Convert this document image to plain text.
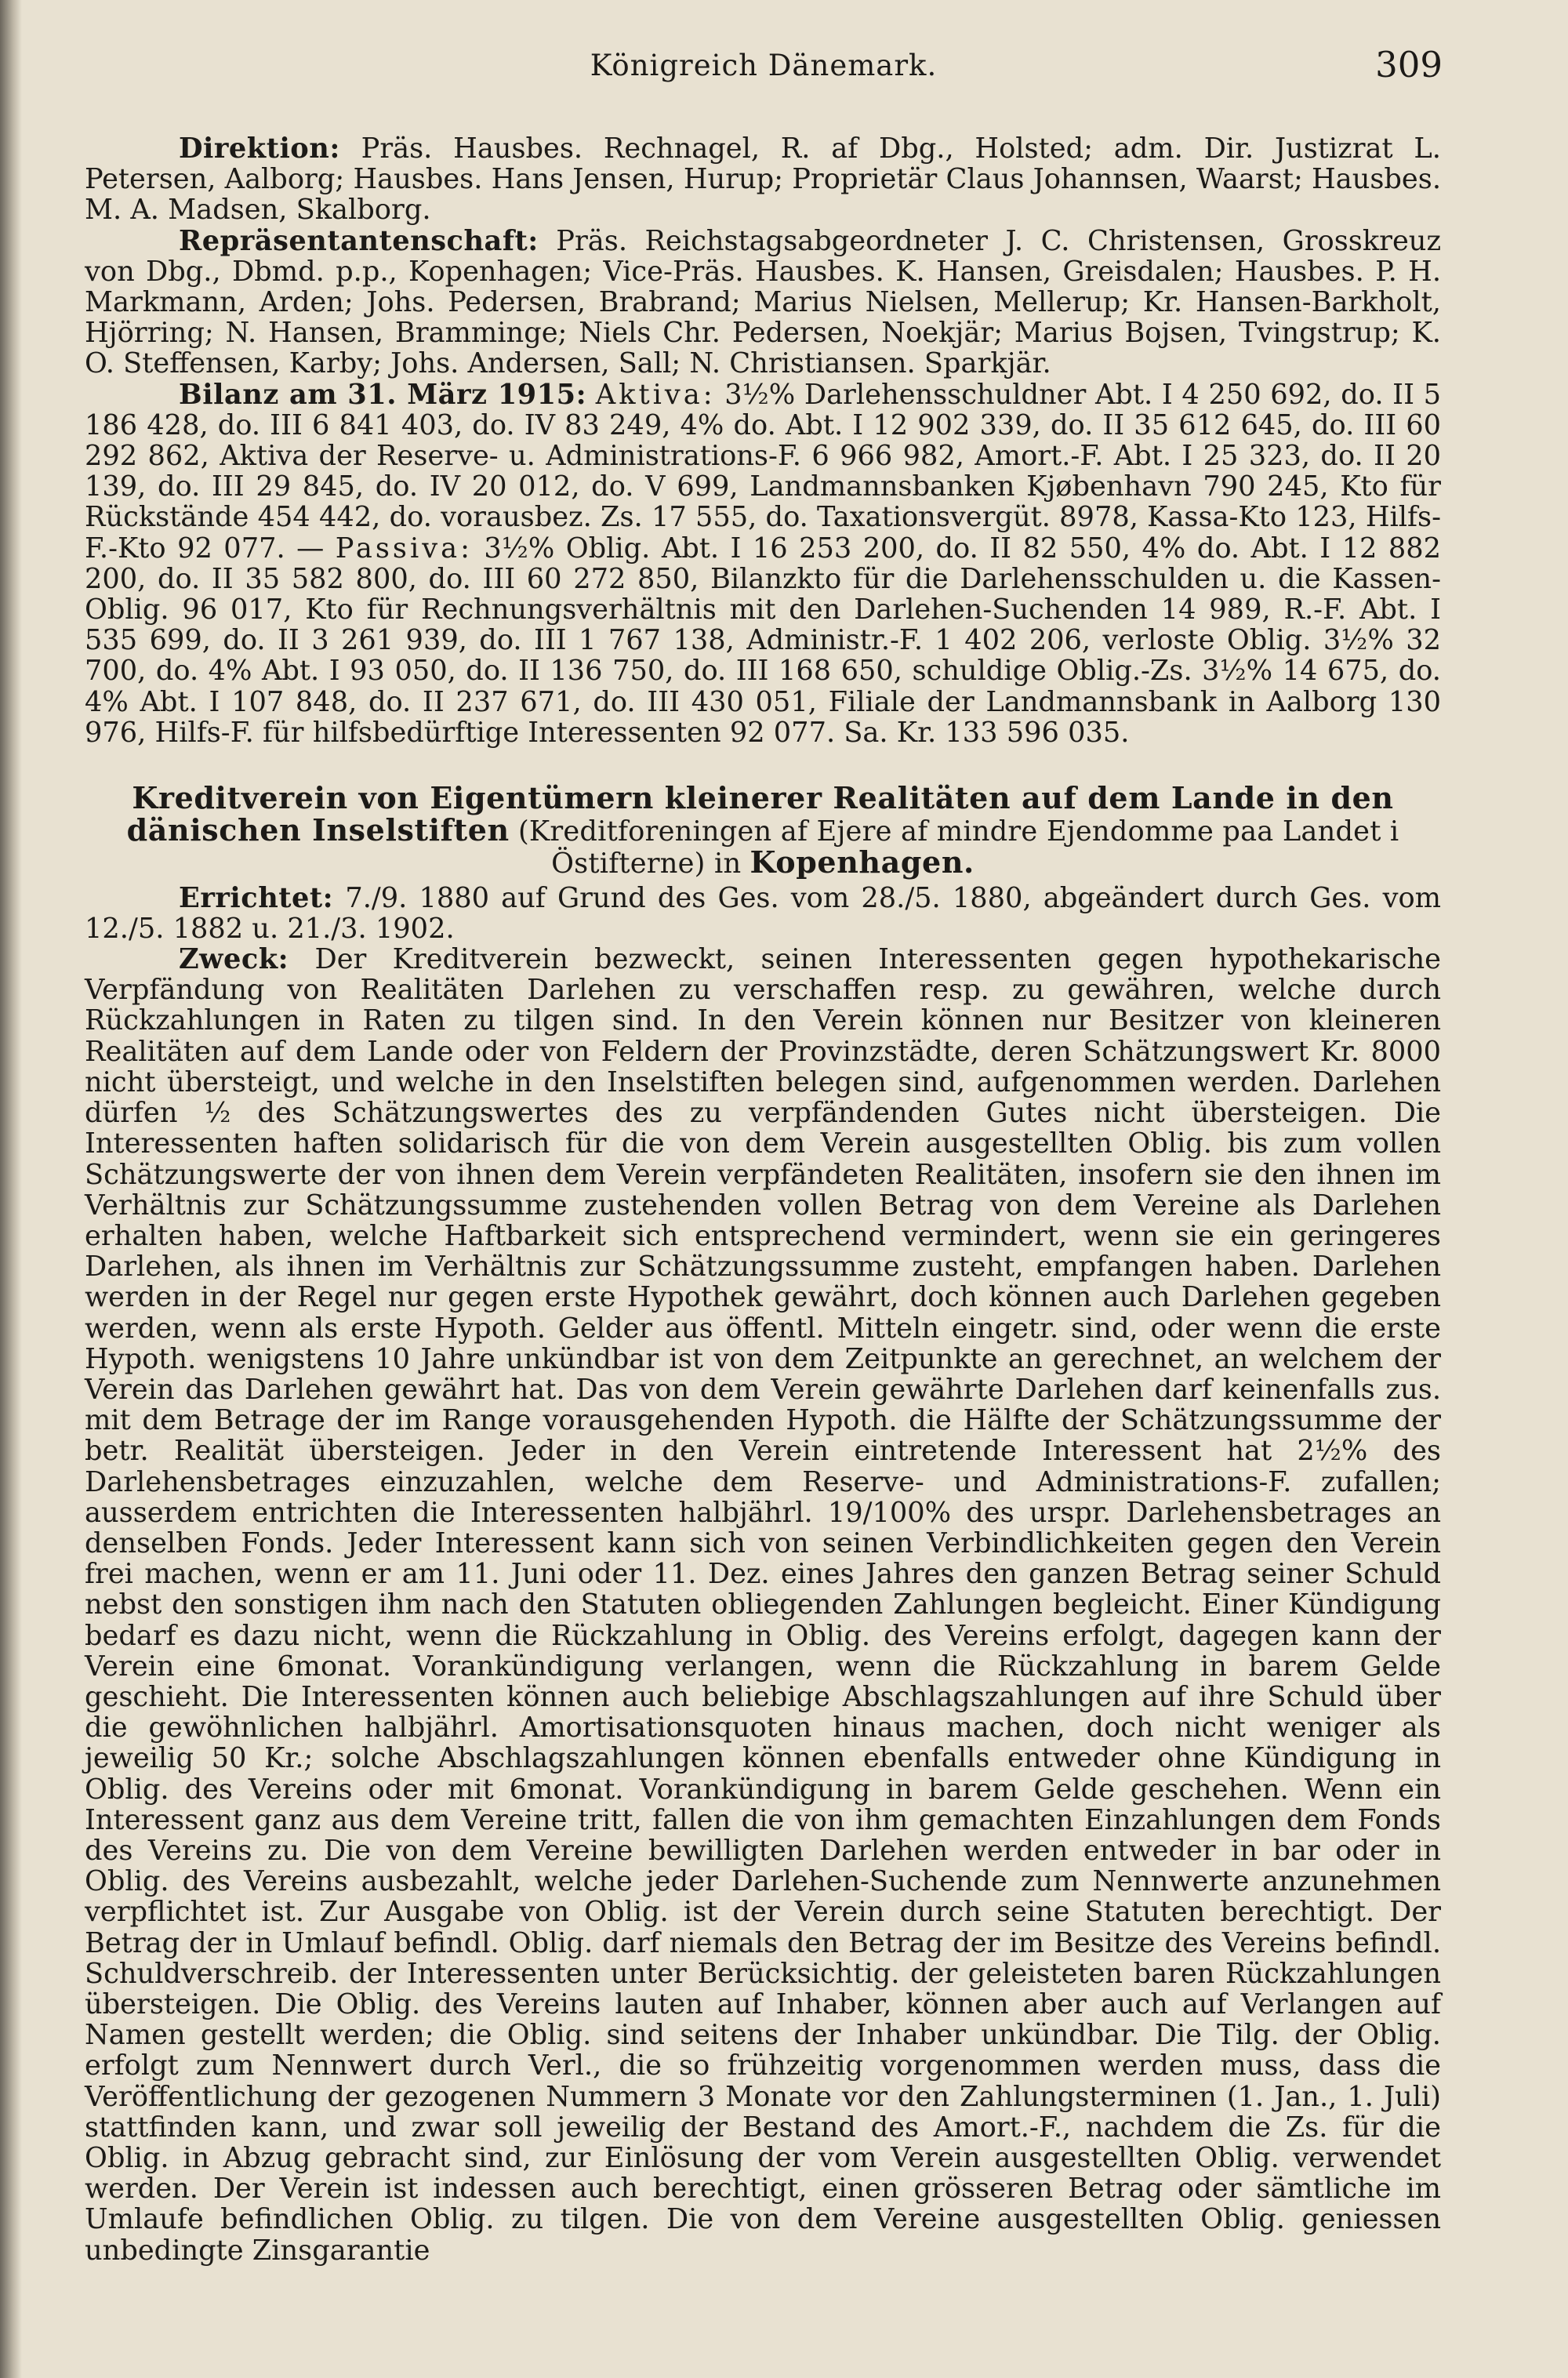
Königreich Dänemark.	309

Direktion: Präs. Hausbes. Rechnagel, R. af Dbg., Holsted; adm. Dir. Justizrat L. Petersen, Aalborg; Hausbes. Hans Jensen, Hurup; Proprietär Claus Johannsen, Waarst; Hausbes. M. A. Madsen, Skalborg.

Repräsentantenschaft: Präs. Reichstagsabgeordneter J. C. Christensen, Grosskreuz von Dbg., Dbmd. p.p., Kopenhagen; Vice-Präs. Hausbes. K. Hansen, Greisdalen; Hausbes. P. H. Markmann, Arden; Johs. Pedersen, Brabrand; Marius Nielsen, Mellerup; Kr. Hansen-Barkholt, Hjörring; N. Hansen, Bramminge; Niels Chr. Pedersen, Noekjär; Marius Bojsen, Tvingstrup; K. O. Steffensen, Karby; Johs. Andersen, Sall; N. Christiansen. Sparkjär.

Bilanz am 31. März 1915: Aktiva: 3½% Darlehensschuldner Abt. I 4 250 692, do. II 5 186 428, do. III 6 841 403, do. IV 83 249, 4% do. Abt. I 12 902 339, do. II 35 612 645, do. III 60 292 862, Aktiva der Reserve- u. Administrations-F. 6 966 982, Amort.-F. Abt. I 25 323, do. II 20 139, do. III 29 845, do. IV 20 012, do. V 699, Landmannsbanken Kjøbenhavn 790 245, Kto für Rückstände 454 442, do. vorausbez. Zs. 17 555, do. Taxationsvergüt. 8978, Kassa-Kto 123, Hilfs-F.-Kto 92 077. — Passiva: 3½% Oblig. Abt. I 16 253 200, do. II 82 550, 4% do. Abt. I 12 882 200, do. II 35 582 800, do. III 60 272 850, Bilanzkto für die Darlehensschulden u. die Kassen-Oblig. 96 017, Kto für Rechnungsverhältnis mit den Darlehen-Suchenden 14 989, R.-F. Abt. I 535 699, do. II 3 261 939, do. III 1 767 138, Administr.-F. 1 402 206, verloste Oblig. 3½% 32 700, do. 4% Abt. I 93 050, do. II 136 750, do. III 168 650, schuldige Oblig.-Zs. 3½% 14 675, do. 4% Abt. I 107 848, do. II 237 671, do. III 430 051, Filiale der Landmannsbank in Aalborg 130 976, Hilfs-F. für hilfsbedürftige Interessenten 92 077. Sa. Kr. 133 596 035.

Kreditverein von Eigentümern kleinerer Realitäten auf dem Lande in den dänischen Inselstiften (Kreditforeningen af Ejere af mindre Ejendomme paa Landet i Östifterne) in Kopenhagen.

Errichtet: 7./9. 1880 auf Grund des Ges. vom 28./5. 1880, abgeändert durch Ges. vom 12./5. 1882 u. 21./3. 1902.

Zweck: Der Kreditverein bezweckt, seinen Interessenten gegen hypothekarische Verpfändung von Realitäten Darlehen zu verschaffen resp. zu gewähren, welche durch Rückzahlungen in Raten zu tilgen sind. In den Verein können nur Besitzer von kleineren Realitäten auf dem Lande oder von Feldern der Provinzstädte, deren Schätzungswert Kr. 8000 nicht übersteigt, und welche in den Inselstiften belegen sind, aufgenommen werden. Darlehen dürfen ½ des Schätzungswertes des zu verpfändenden Gutes nicht übersteigen. Die Interessenten haften solidarisch für die von dem Verein ausgestellten Oblig. bis zum vollen Schätzungswerte der von ihnen dem Verein verpfändeten Realitäten, insofern sie den ihnen im Verhältnis zur Schätzungssumme zustehenden vollen Betrag von dem Vereine als Darlehen erhalten haben, welche Haftbarkeit sich entsprechend vermindert, wenn sie ein geringeres Darlehen, als ihnen im Verhältnis zur Schätzungssumme zusteht, empfangen haben. Darlehen werden in der Regel nur gegen erste Hypothek gewährt, doch können auch Darlehen gegeben werden, wenn als erste Hypoth. Gelder aus öffentl. Mitteln eingetr. sind, oder wenn die erste Hypoth. wenigstens 10 Jahre unkündbar ist von dem Zeitpunkte an gerechnet, an welchem der Verein das Darlehen gewährt hat. Das von dem Verein gewährte Darlehen darf keinenfalls zus. mit dem Betrage der im Range vorausgehenden Hypoth. die Hälfte der Schätzungssumme der betr. Realität übersteigen. Jeder in den Verein eintretende Interessent hat 2½% des Darlehensbetrages einzuzahlen, welche dem Reserve- und Administrations-F. zufallen; ausserdem entrichten die Interessenten halbjährl. 19/100% des urspr. Darlehensbetrages an denselben Fonds. Jeder Interessent kann sich von seinen Verbindlichkeiten gegen den Verein frei machen, wenn er am 11. Juni oder 11. Dez. eines Jahres den ganzen Betrag seiner Schuld nebst den sonstigen ihm nach den Statuten obliegenden Zahlungen begleicht. Einer Kündigung bedarf es dazu nicht, wenn die Rückzahlung in Oblig. des Vereins erfolgt, dagegen kann der Verein eine 6monat. Vorankündigung verlangen, wenn die Rückzahlung in barem Gelde geschieht. Die Interessenten können auch beliebige Abschlagszahlungen auf ihre Schuld über die gewöhnlichen halbjährl. Amortisationsquoten hinaus machen, doch nicht weniger als jeweilig 50 Kr.; solche Abschlagszahlungen können ebenfalls entweder ohne Kündigung in Oblig. des Vereins oder mit 6monat. Vorankündigung in barem Gelde geschehen. Wenn ein Interessent ganz aus dem Vereine tritt, fallen die von ihm gemachten Einzahlungen dem Fonds des Vereins zu. Die von dem Vereine bewilligten Darlehen werden entweder in bar oder in Oblig. des Vereins ausbezahlt, welche jeder Darlehen-Suchende zum Nennwerte anzunehmen verpflichtet ist. Zur Ausgabe von Oblig. ist der Verein durch seine Statuten berechtigt. Der Betrag der in Umlauf befindl. Oblig. darf niemals den Betrag der im Besitze des Vereins befindl. Schuldverschreib. der Interessenten unter Berücksichtig. der geleisteten baren Rückzahlungen übersteigen. Die Oblig. des Vereins lauten auf Inhaber, können aber auch auf Verlangen auf Namen gestellt werden; die Oblig. sind seitens der Inhaber unkündbar. Die Tilg. der Oblig. erfolgt zum Nennwert durch Verl., die so frühzeitig vorgenommen werden muss, dass die Veröffentlichung der gezogenen Nummern 3 Monate vor den Zahlungsterminen (1. Jan., 1. Juli) stattfinden kann, und zwar soll jeweilig der Bestand des Amort.-F., nachdem die Zs. für die Oblig. in Abzug gebracht sind, zur Einlösung der vom Verein ausgestellten Oblig. verwendet werden. Der Verein ist indessen auch berechtigt, einen grösseren Betrag oder sämtliche im Umlaufe befindlichen Oblig. zu tilgen. Die von dem Vereine ausgestellten Oblig. geniessen unbedingte Zinsgarantie
